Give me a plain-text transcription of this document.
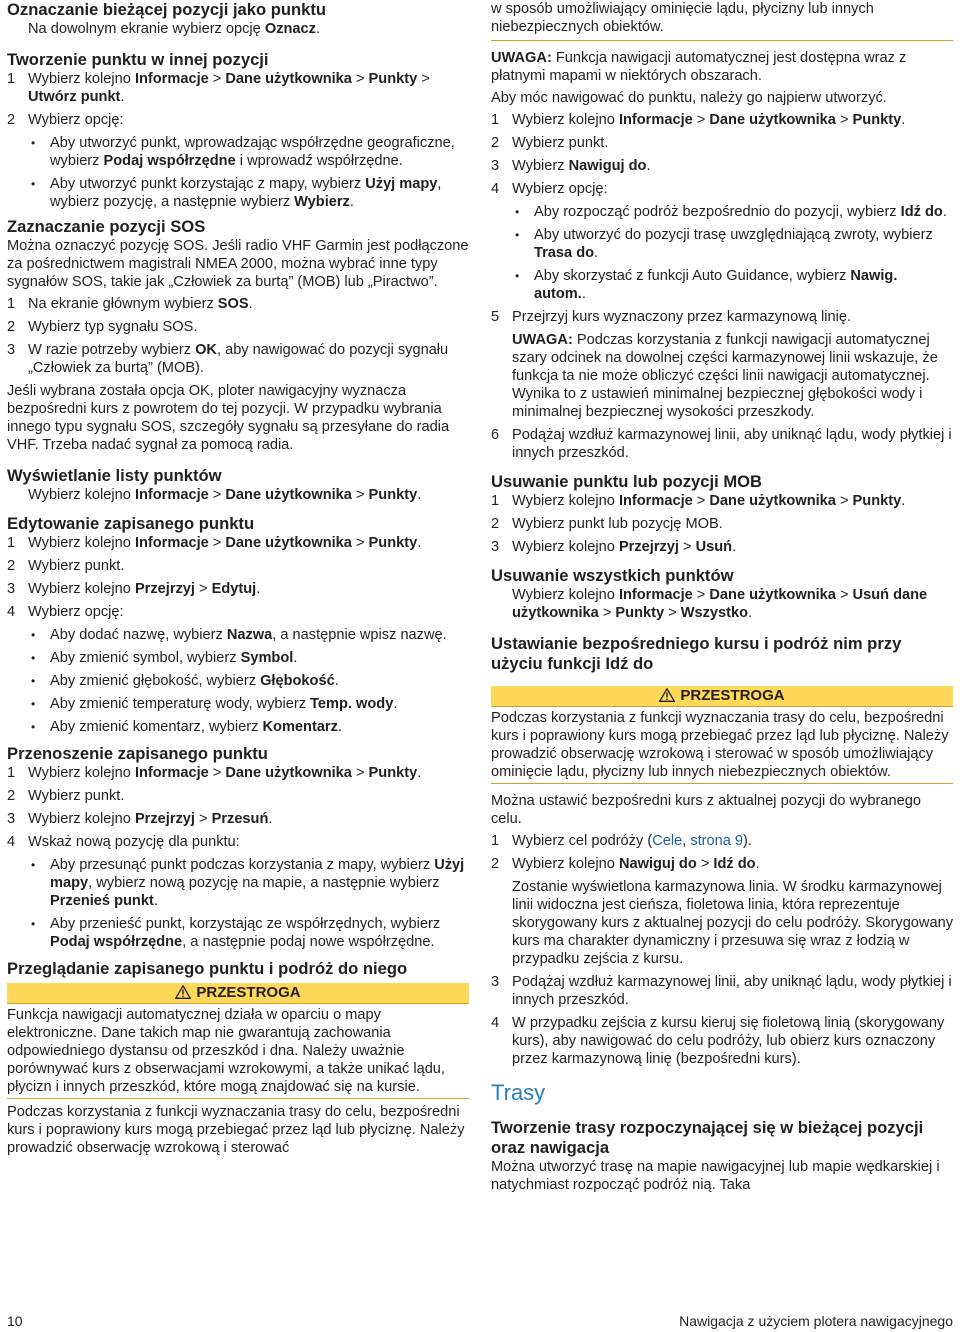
Oznaczanie bieżącej pozycji jako punktu
Na dowolnym ekranie wybierz opcję Oznacz.
Tworzenie punktu w innej pozycji
1 Wybierz kolejno Informacje > Dane użytkownika > Punkty > Utwórz punkt.
2 Wybierz opcję:
• Aby utworzyć punkt, wprowadzając współrzędne geograficzne, wybierz Podaj współrzędne i wprowadź współrzędne.
• Aby utworzyć punkt korzystając z mapy, wybierz Użyj mapy, wybierz pozycję, a następnie wybierz Wybierz.
Zaznaczanie pozycji SOS
Można oznaczyć pozycję SOS. Jeśli radio VHF Garmin jest podłączone za pośrednictwem magistrali NMEA 2000, można wybrać inne typy sygnałów SOS, takie jak „Człowiek za burtą” (MOB) lub „Piractwo”.
1 Na ekranie głównym wybierz SOS.
2 Wybierz typ sygnału SOS.
3 W razie potrzeby wybierz OK, aby nawigować do pozycji sygnału „Człowiek za burtą” (MOB).
Jeśli wybrana została opcja OK, ploter nawigacyjny wyznacza bezpośredni kurs z powrotem do tej pozycji. W przypadku wybrania innego typu sygnału SOS, szczegóły sygnału są przesyłane do radia VHF. Trzeba nadać sygnał za pomocą radia.
Wyświetlanie listy punktów
Wybierz kolejno Informacje > Dane użytkownika > Punkty.
Edytowanie zapisanego punktu
1 Wybierz kolejno Informacje > Dane użytkownika > Punkty.
2 Wybierz punkt.
3 Wybierz kolejno Przejrzyj > Edytuj.
4 Wybierz opcję:
• Aby dodać nazwę, wybierz Nazwa, a następnie wpisz nazwę.
• Aby zmienić symbol, wybierz Symbol.
• Aby zmienić głębokość, wybierz Głębokość.
• Aby zmienić temperaturę wody, wybierz Temp. wody.
• Aby zmienić komentarz, wybierz Komentarz.
Przenoszenie zapisanego punktu
1 Wybierz kolejno Informacje > Dane użytkownika > Punkty.
2 Wybierz punkt.
3 Wybierz kolejno Przejrzyj > Przesuń.
4 Wskaż nową pozycję dla punktu:
• Aby przesunąć punkt podczas korzystania z mapy, wybierz Użyj mapy, wybierz nową pozycję na mapie, a następnie wybierz Przenieś punkt.
• Aby przenieść punkt, korzystając ze współrzędnych, wybierz Podaj współrzędne, a następnie podaj nowe współrzędne.
Przeglądanie zapisanego punktu i podróż do niego
PRZESTROGA
Funkcja nawigacji automatycznej działa w oparciu o mapy elektroniczne. Dane takich map nie gwarantują zachowania odpowiedniego dystansu od przeszkód i dna. Należy uważnie porównywać kurs z obserwacjami wzrokowymi, a także unikać lądu, płycizn i innych przeszkód, które mogą znajdować się na kursie.
Podczas korzystania z funkcji wyznaczania trasy do celu, bezpośredni kurs i poprawiony kurs mogą przebiegać przez ląd lub płyciznę. Należy prowadzić obserwację wzrokową i sterować
w sposób umożliwiający ominięcie lądu, płycizny lub innych niebezpiecznych obiektów.
UWAGA: Funkcja nawigacji automatycznej jest dostępna wraz z płatnymi mapami w niektórych obszarach.
Aby móc nawigować do punktu, należy go najpierw utworzyć.
1 Wybierz kolejno Informacje > Dane użytkownika > Punkty.
2 Wybierz punkt.
3 Wybierz Nawiguj do.
4 Wybierz opcję:
• Aby rozpocząć podróż bezpośrednio do pozycji, wybierz Idź do.
• Aby utworzyć do pozycji trasę uwzględniającą zwroty, wybierz Trasa do.
• Aby skorzystać z funkcji Auto Guidance, wybierz Nawig. autom..
5 Przejrzyj kurs wyznaczony przez karmazynową linię.
UWAGA: Podczas korzystania z funkcji nawigacji automatycznej szary odcinek na dowolnej części karmazynowej linii wskazuje, że funkcja ta nie może obliczyć części linii nawigacji automatycznej. Wynika to z ustawień minimalnej bezpiecznej głębokości wody i minimalnej bezpiecznej wysokości przeszkody.
6 Podążaj wzdłuż karmazynowej linii, aby uniknąć lądu, wody płytkiej i innych przeszkód.
Usuwanie punktu lub pozycji MOB
1 Wybierz kolejno Informacje > Dane użytkownika > Punkty.
2 Wybierz punkt lub pozycję MOB.
3 Wybierz kolejno Przejrzyj > Usuń.
Usuwanie wszystkich punktów
Wybierz kolejno Informacje > Dane użytkownika > Usuń dane użytkownika > Punkty > Wszystko.
Ustawianie bezpośredniego kursu i podróż nim przy użyciu funkcji Idź do
PRZESTROGA
Podczas korzystania z funkcji wyznaczania trasy do celu, bezpośredni kurs i poprawiony kurs mogą przebiegać przez ląd lub płyciznę. Należy prowadzić obserwację wzrokową i sterować w sposób umożliwiający ominięcie lądu, płycizny lub innych niebezpiecznych obiektów.
Można ustawić bezpośredni kurs z aktualnej pozycji do wybranego celu.
1 Wybierz cel podróży (Cele, strona 9).
2 Wybierz kolejno Nawiguj do > Idź do.
Zostanie wyświetlona karmazynowa linia. W środku karmazynowej linii widoczna jest cieńsza, fioletowa linia, która reprezentuje skorygowany kurs z aktualnej pozycji do celu podróży. Skorygowany kurs ma charakter dynamiczny i przesuwa się wraz z łodzią w przypadku zejścia z kursu.
3 Podążaj wzdłuż karmazynowej linii, aby uniknąć lądu, wody płytkiej i innych przeszkód.
4 W przypadku zejścia z kursu kieruj się fioletową linią (skorygowany kurs), aby nawigować do celu podróży, lub obierz kurs oznaczony przez karmazynową linię (bezpośredni kurs).
Trasy
Tworzenie trasy rozpoczynającej się w bieżącej pozycji oraz nawigacja
Można utworzyć trasę na mapie nawigacyjnej lub mapie wędkarskiej i natychmiast rozpocząć podróż nią. Taka
10	Nawigacja z użyciem plotera nawigacyjnego
